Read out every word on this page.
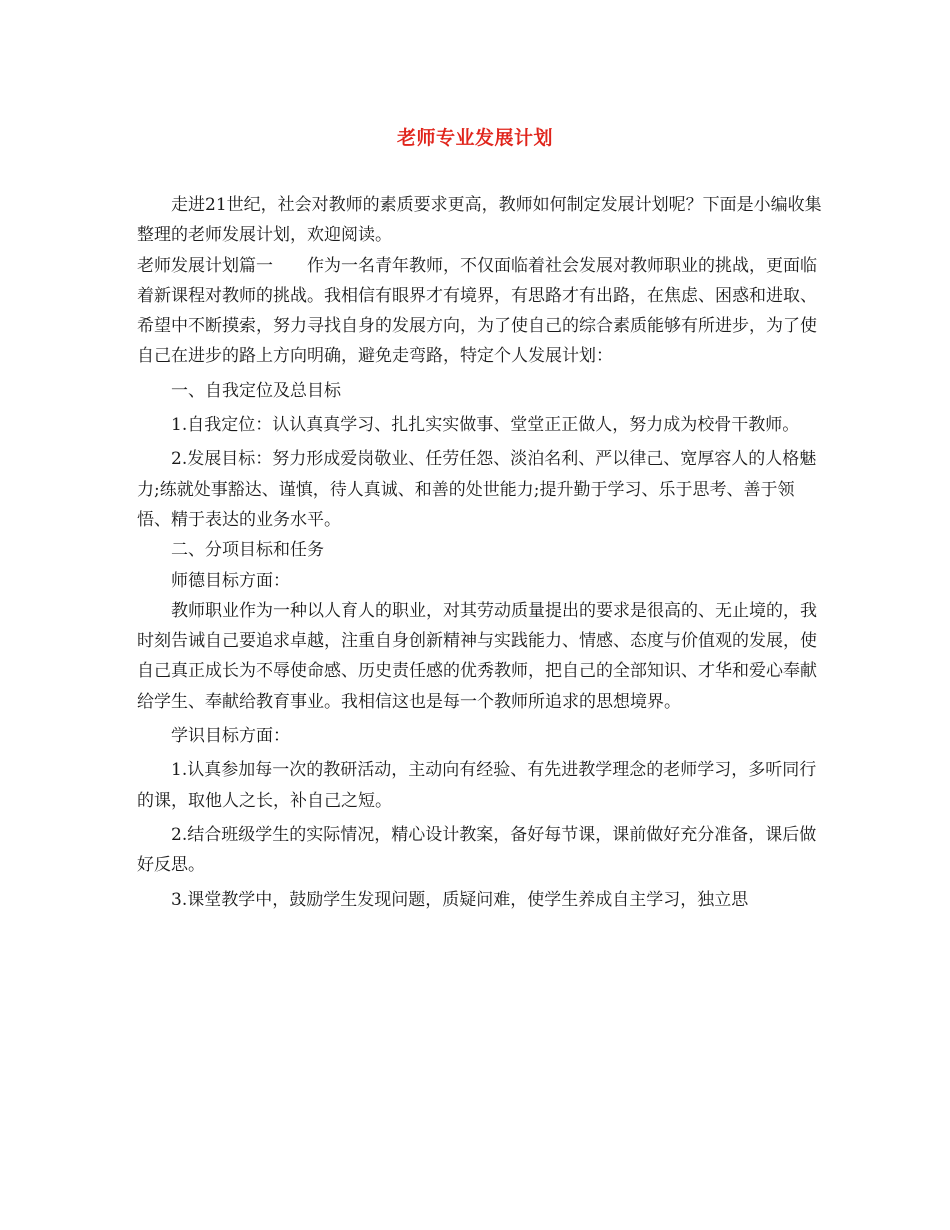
老师专业发展计划

走进21世纪，社会对教师的素质要求更高，教师如何制定发展计划呢？下面是小编收集整理的老师发展计划，欢迎阅读。

老师发展计划篇一　　作为一名青年教师，不仅面临着社会发展对教师职业的挑战，更面临着新课程对教师的挑战。我相信有眼界才有境界，有思路才有出路，在焦虑、困惑和进取、希望中不断摸索，努力寻找自身的发展方向，为了使自己的综合素质能够有所进步，为了使自己在进步的路上方向明确，避免走弯路，特定个人发展计划：

一、自我定位及总目标

1.自我定位：认认真真学习、扎扎实实做事、堂堂正正做人，努力成为校骨干教师。

2.发展目标：努力形成爱岗敬业、任劳任怨、淡泊名利、严以律己、宽厚容人的人格魅力;练就处事豁达、谨慎，待人真诚、和善的处世能力;提升勤于学习、乐于思考、善于领悟、精于表达的业务水平。

二、分项目标和任务

师德目标方面：

教师职业作为一种以人育人的职业，对其劳动质量提出的要求是很高的、无止境的，我时刻告诫自己要追求卓越，注重自身创新精神与实践能力、情感、态度与价值观的发展，使自己真正成长为不辱使命感、历史责任感的优秀教师，把自己的全部知识、才华和爱心奉献给学生、奉献给教育事业。我相信这也是每一个教师所追求的思想境界。

学识目标方面：

1.认真参加每一次的教研活动，主动向有经验、有先进教学理念的老师学习，多听同行的课，取他人之长，补自己之短。

2.结合班级学生的实际情况，精心设计教案，备好每节课，课前做好充分准备，课后做好反思。

3.课堂教学中，鼓励学生发现问题，质疑问难，使学生养成自主学习，独立思
